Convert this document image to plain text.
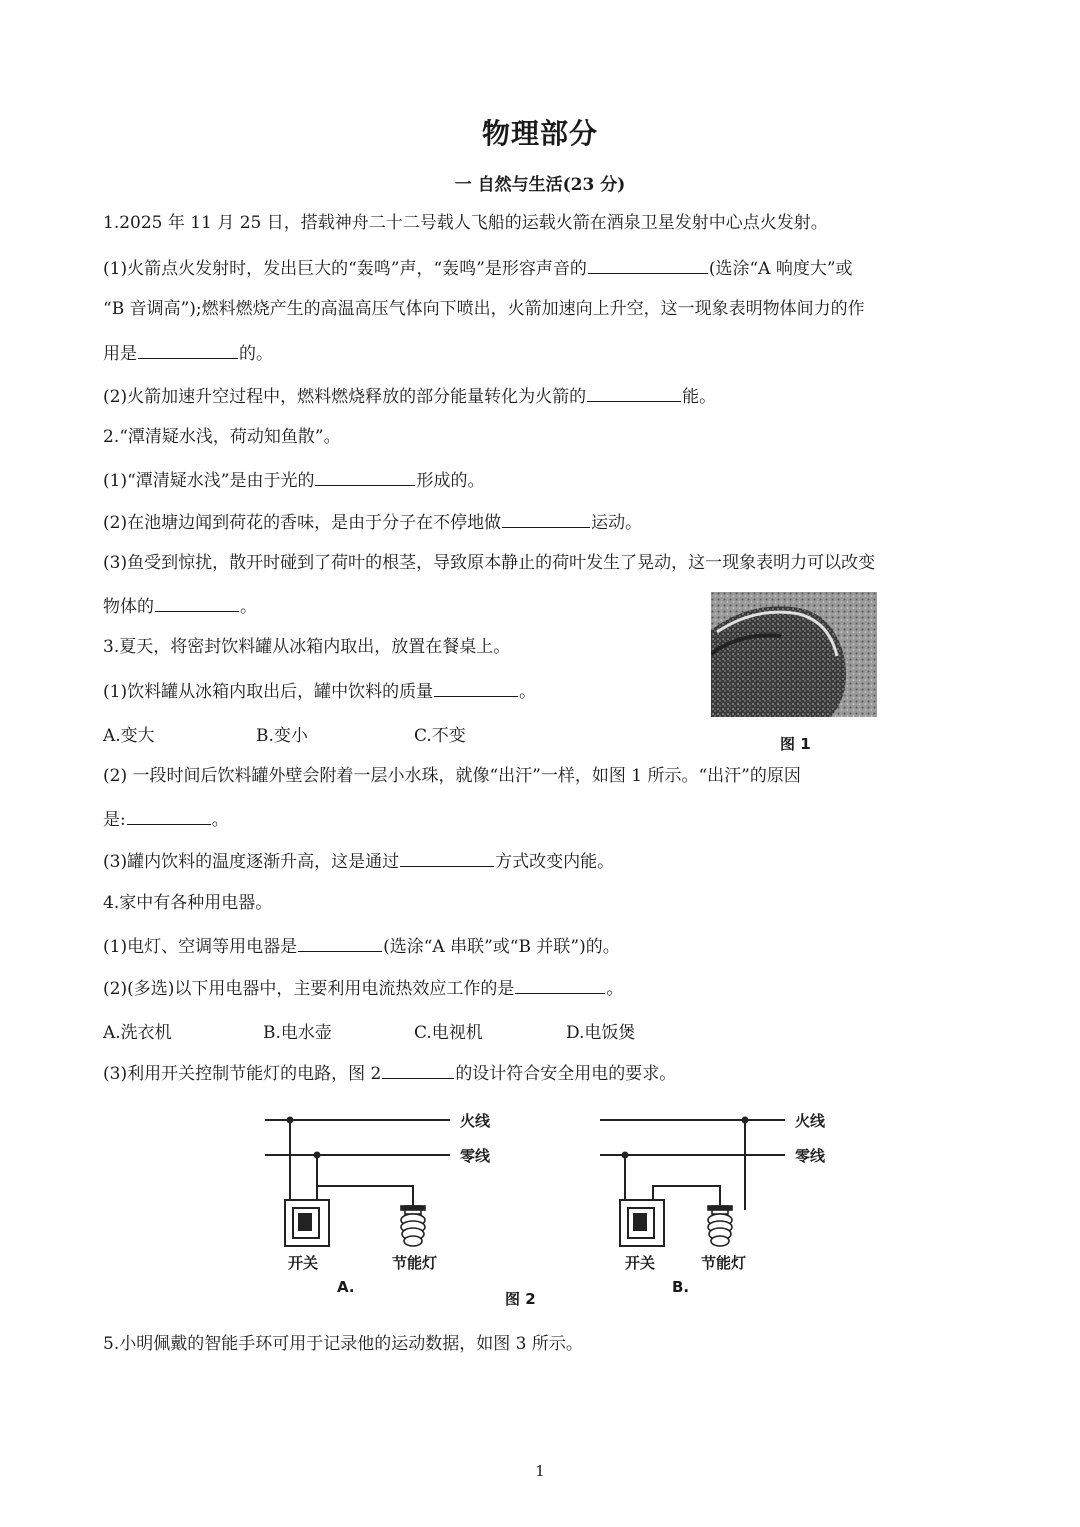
物理部分
一 自然与生活(23 分)
1.2025 年 11 月 25 日，搭载神舟二十二号载人飞船的运载火箭在酒泉卫星发射中心点火发射。
(1)火箭点火发射时，发出巨大的“轰鸣”声，“轰鸣”是形容声音的	(选涂“A 响度大”或
“B 音调高”);燃料燃烧产生的高温高压气体向下喷出，火箭加速向上升空，这一现象表明物体间力的作
用是	的。
(2)火箭加速升空过程中，燃料燃烧释放的部分能量转化为火箭的	能。
2.“潭清疑水浅，荷动知鱼散”。
(1)“潭清疑水浅”是由于光的	形成的。
(2)在池塘边闻到荷花的香味，是由于分子在不停地做	运动。
(3)鱼受到惊扰，散开时碰到了荷叶的根茎，导致原本静止的荷叶发生了晃动，这一现象表明力可以改变
物体的	。
3.夏天，将密封饮料罐从冰箱内取出，放置在餐桌上。
(1)饮料罐从冰箱内取出后，罐中饮料的质量	。
A.变大	B.变小	C.不变	图 1
(2) 一段时间后饮料罐外壁会附着一层小水珠，就像“出汗”一样，如图 1 所示。“出汗”的原因
是:	。
(3)罐内饮料的温度逐渐升高，这是通过	方式改变内能。
4.家中有各种用电器。
(1)电灯、空调等用电器是	(选涂“A 串联”或“B 并联”)的。
(2)(多选)以下用电器中，主要利用电流热效应工作的是	。
A.洗衣机	B.电水壶	C.电视机	D.电饭煲
(3)利用开关控制节能灯的电路，图 2	的设计符合安全用电的要求。
火线
零线
开关	节能灯
A.
火线
零线
开关	节能灯
B.
图 2
5.小明佩戴的智能手环可用于记录他的运动数据，如图 3 所示。
1
